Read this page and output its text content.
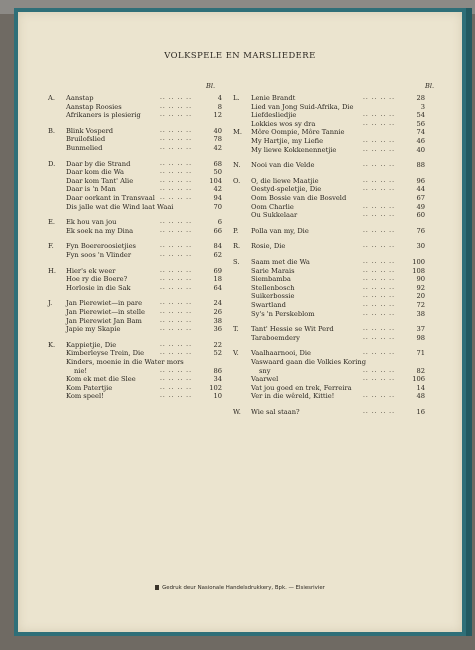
VOLKSPELE EN MARSLIEDERE
Bl.	Bl.
A. Aanstap	.. .. .. ..	4
Aanstap Roosies	.. .. .. ..	8
Afrikaners is plesierig	.. .. .. ..	12
B. Blink Vosperd	.. .. .. ..	40
Bruilofslied	.. .. .. ..	78
Bunmelied	.. .. .. ..	42
D. Daar by die Strand	.. .. .. ..	68
Daar kom die Wa	.. .. .. ..	50
Daar kom Tant' Alie	.. .. .. ..	104
Daar is 'n Man	.. .. .. ..	42
Daar oorkant in Transvaal .. .. .. ..	94
Dis jalle wat die Wind laat Waai	70
E. Ek hou van jou	.. .. .. ..	6
Ek soek na my Dina	.. .. .. ..	66
F. Fyn Boereroosietjies	.. .. .. ..	84
Fyn soos 'n Vlinder	.. .. .. ..	62
H. Hier's ek weer	.. .. .. ..	69
Hoe ry die Boere?	.. .. .. ..	18
Horlosie in die Sak	.. .. .. ..	64
J. Jan Pierewiet—in pare	.. .. .. ..	24
Jan Pierewiet—in stelle	.. .. .. ..	26
Jan Pierewiet Jan Bam	.. .. .. ..	38
Japie my Skapie	.. .. .. ..	36
K. Kappietjie, Die	.. .. .. ..	22
Kimberleyse Trein, Die	.. .. .. ..	52
Kinders, moenie in die Water mors
nie!	.. .. .. ..	86
Kom ek met die Slee	.. .. .. ..	34
Kom Patertjie	.. .. .. ..	102
Kom speel!	.. .. .. ..	10
L. Lenie Brandt	.. .. .. ..	28
Lied van Jong Suid-Afrika, Die	3
Liefdesliedjie	.. .. .. ..	54
Lokkies wos sy dra	.. .. .. ..	56
M. Môre Oompie, Môre Tannie	74
My Hartjie, my Liefie	.. .. .. ..	46
My liewe Kokkenennetjie	.. .. .. ..	40
N. Nooi van die Velde	.. .. .. ..	88
O. O, die liewe Maatjie	.. .. .. ..	96
Oestyd-speletjie, Die	.. .. .. ..	44
Oom Bossie van die Bosveld	67
Oom Charlie	.. .. .. ..	49
Ou Sukkelaar	.. .. .. ..	60
P. Polla van my, Die	.. .. .. ..	76
R. Rosie, Die	.. .. .. ..	30
S. Saam met die Wa	.. .. .. ..	100
Sarie Marais	.. .. .. ..	108
Siembamba	.. .. .. ..	90
Stellenbosch	.. .. .. ..	92
Suikerbossie	.. .. .. ..	20
Swartland	.. .. .. ..	72
Sy's 'n Perskeblom	.. .. .. ..	38
T. Tant' Hessie se Wit Perd	.. .. .. ..	37
Taraboemdery	.. .. .. ..	98
V. Vaalhaarnooi, Die	.. .. .. ..	71
Vaswaard gaan die Volkies Koring
sny	.. .. .. ..	82
Vaarwel	.. .. .. ..	106
Vat jou goed en trek, Ferreira	14
Ver in die wêreld, Kittie!	.. .. .. ..	48
W. Wie sal staan?	.. .. .. ..	16
Gedruk deur Nasionale Handelsdrukkery, Bpk. — Elsiesrivier
